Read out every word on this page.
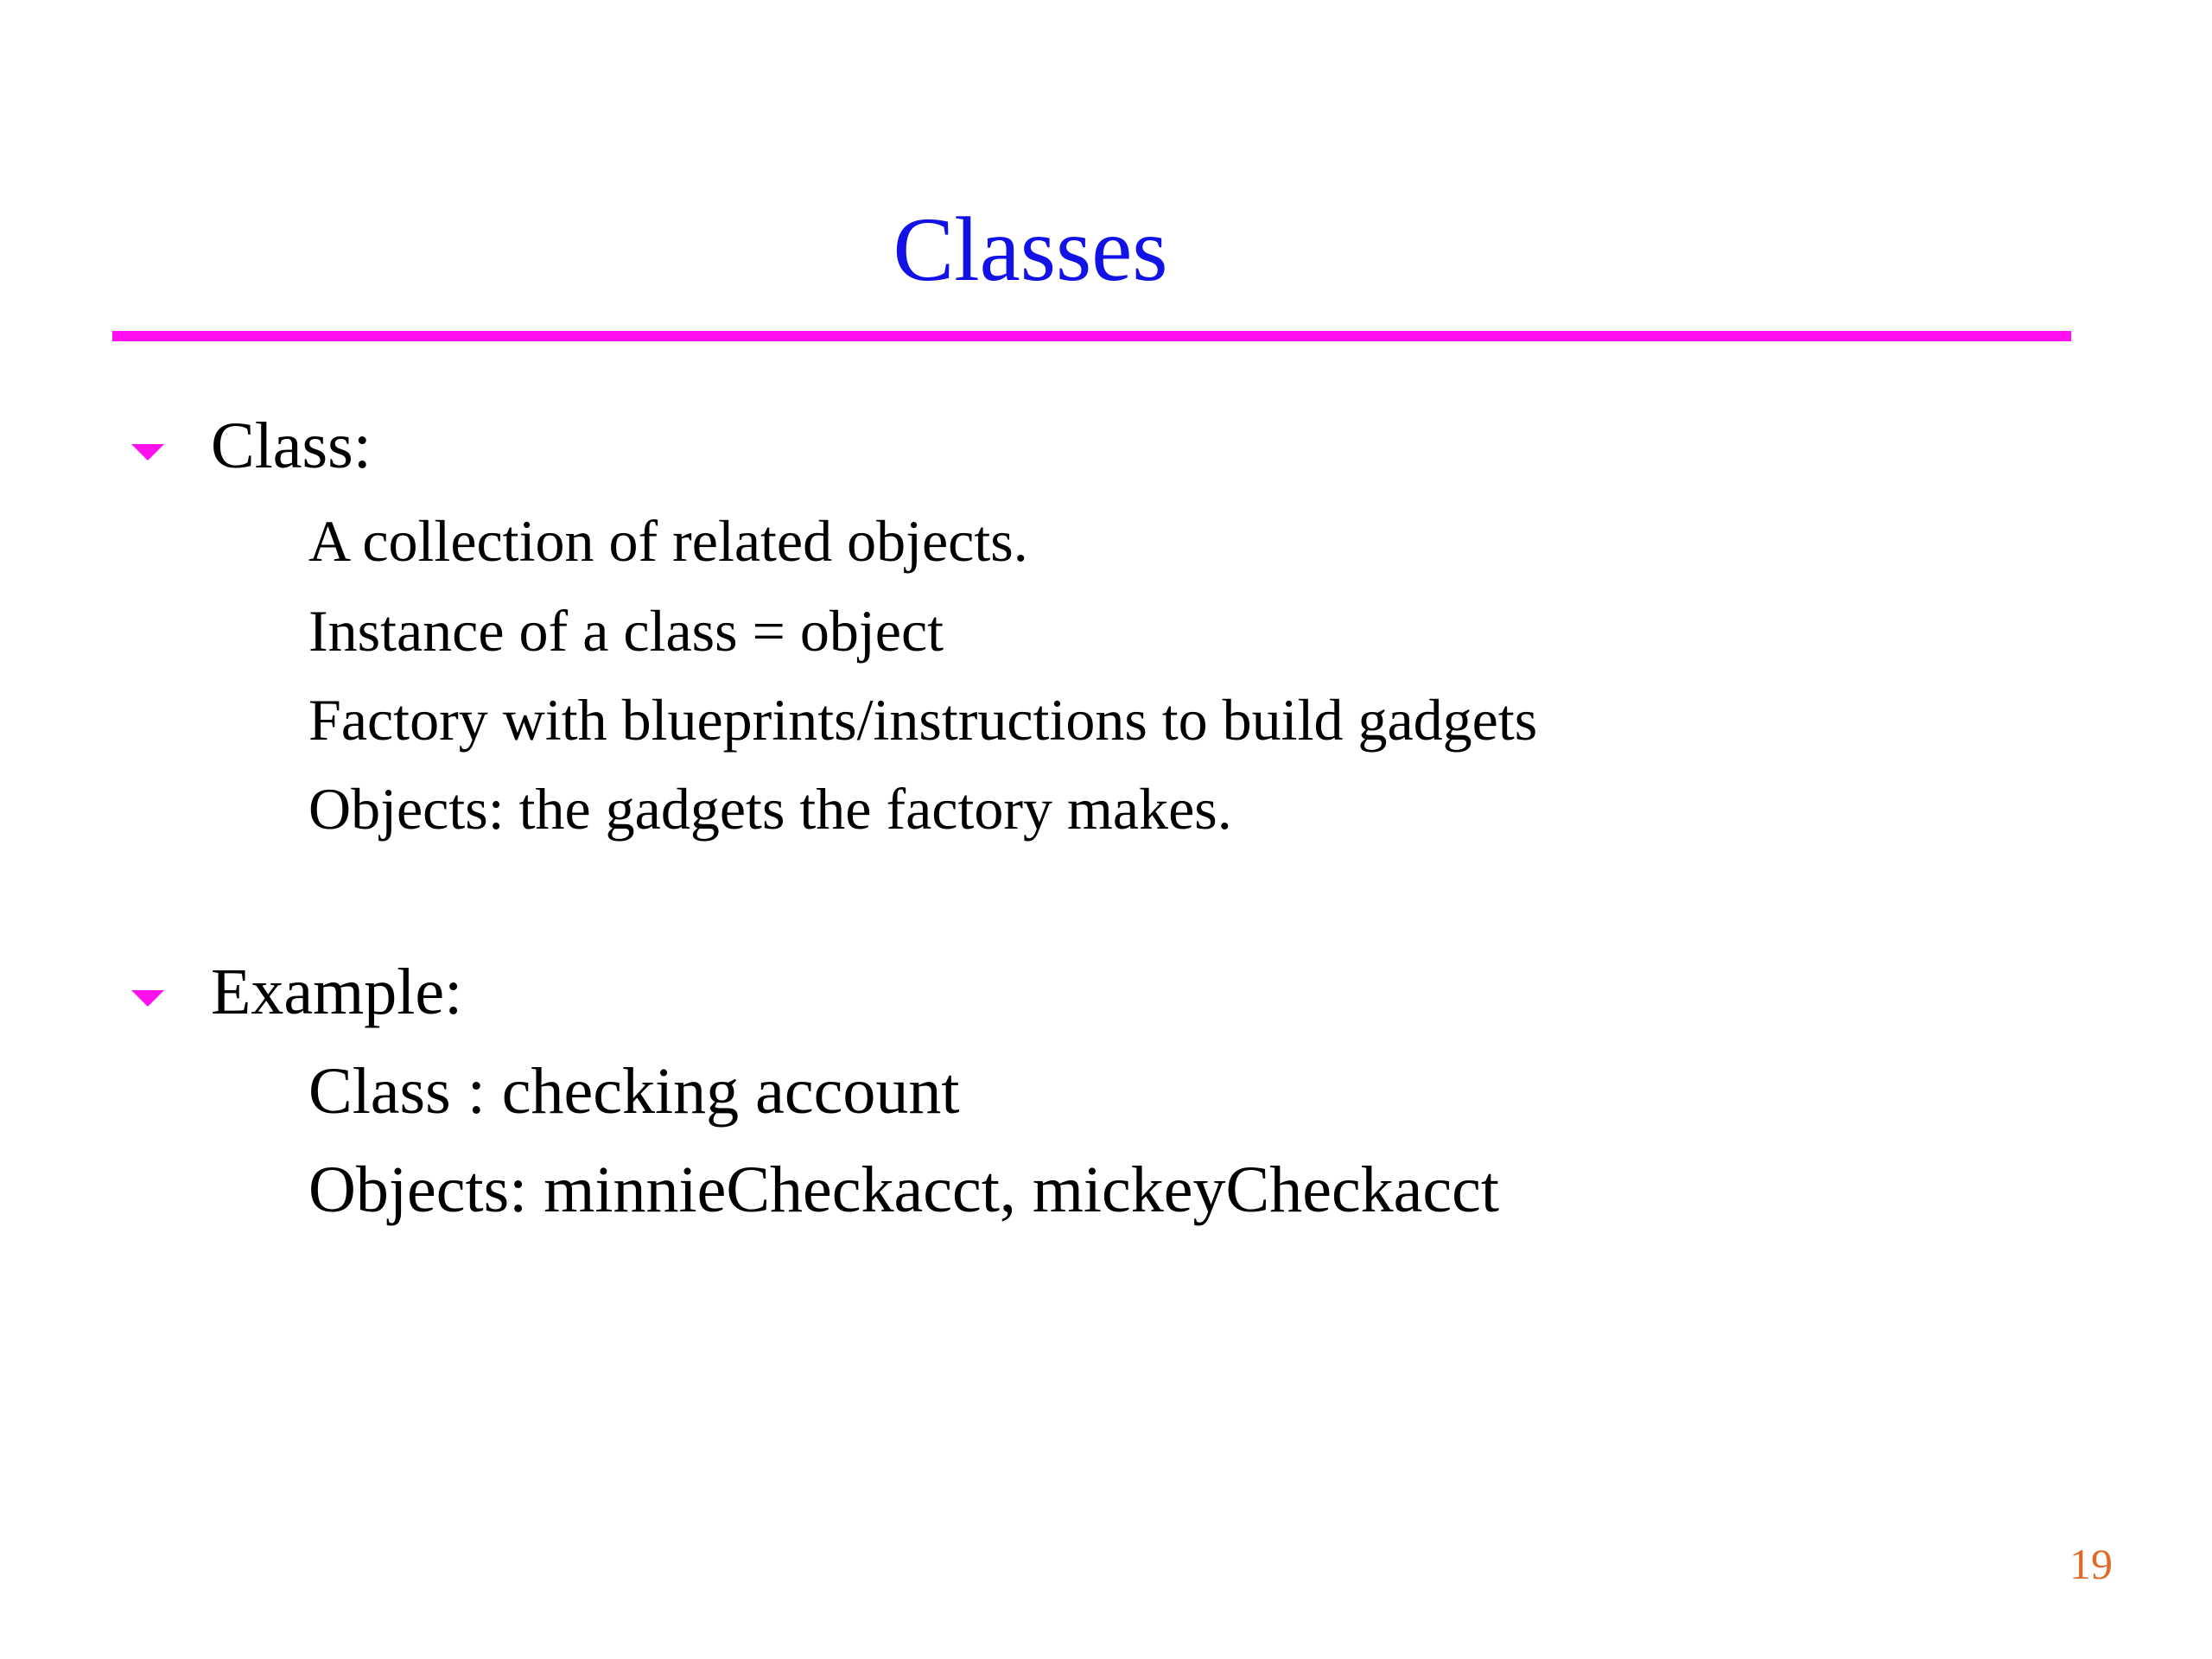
Classes
Class:
A collection of related objects.
Instance of a class = object
Factory with blueprints/instructions to build gadgets
Objects: the gadgets the factory makes.
Example:
Class : checking account
Objects: minnieCheckacct, mickeyCheckacct
19
